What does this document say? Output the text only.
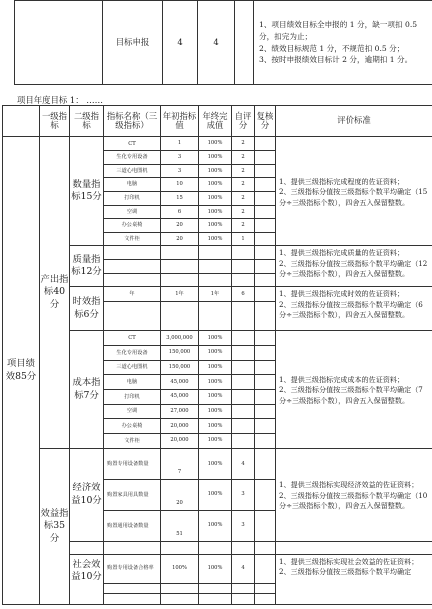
	目标申报	4	4		
1、项目绩效目标全申报的 1 分，缺一项扣 0.5 分，扣完为止；
2、绩效目标规范 1 分，不规范扣 0.5 分；
3、按时申报绩效目标计 2 分，逾期扣 1 分。
项目年度目标 1： ……
	一级指标	二级指标	指标名称（三级指标）	年初指标值	年终完成值	自评分	复核分	评价标准
项目绩效85分	产出指标40分	数量指标15分	CT	1	100%	2		1、提供三级指标完成程度的佐证资料；
2、三级指标分值按三级指标个数平均确定（15 分÷三级指标个数），四舍五入保留整数。

			生化专用设备	3	100%	2		
			三道心电图机	3	100%	2		
			电脑	10	100%	2		
			打印机	15	100%	2		
			空调	6	100%	2		
			办公桌椅	20	100%	2		
			文件柜	20	100%	1		
		质量指标12分						1、提供三级指标完成质量的佐证资料；
2、三级指标分值按三级指标个数平均确定（12 分÷三级指标个数），四舍五入保留整数。

		时效指标6分	年	1年	1年	6		1、提供三级指标完成时效的佐证资料；
2、三级指标分值按三级指标个数平均确定（6 分÷三级指标个数），四舍五入保留整数。

		成本指标7分	CT	3,000,000	100%			1、提供三级指标完成成本的佐证资料；
2、三级指标分值按三级指标个数平均确定（7 分÷三级指标个数），四舍五入保留整数。

			生化专用设备	150,000	100%			
			三道心电图机	150,000	100%			
			电脑	45,000	100%			
			打印机	45,000	100%			
			空调	27,000	100%			
			办公桌椅	20,000	100%			
			文件柜	20,000	100%			
	效益指标35分	经济效益10分	购置专用设备数量	7	100%	4		1、提供三级指标实现经济效益的佐证资料；
2、三级指标分值按三级指标个数平均确定（10 分÷三级指标个数），四舍五入保留整数。

			购置家具用具数量	20	100%	3		
			购置通用设备数量	51	100%	3		

		社会效益10分	购置专用设备合格率	100%	100%	4		1、提供三级指标实现社会效益的佐证资料；
2、三级指标分值按三级指标个数平均确定
